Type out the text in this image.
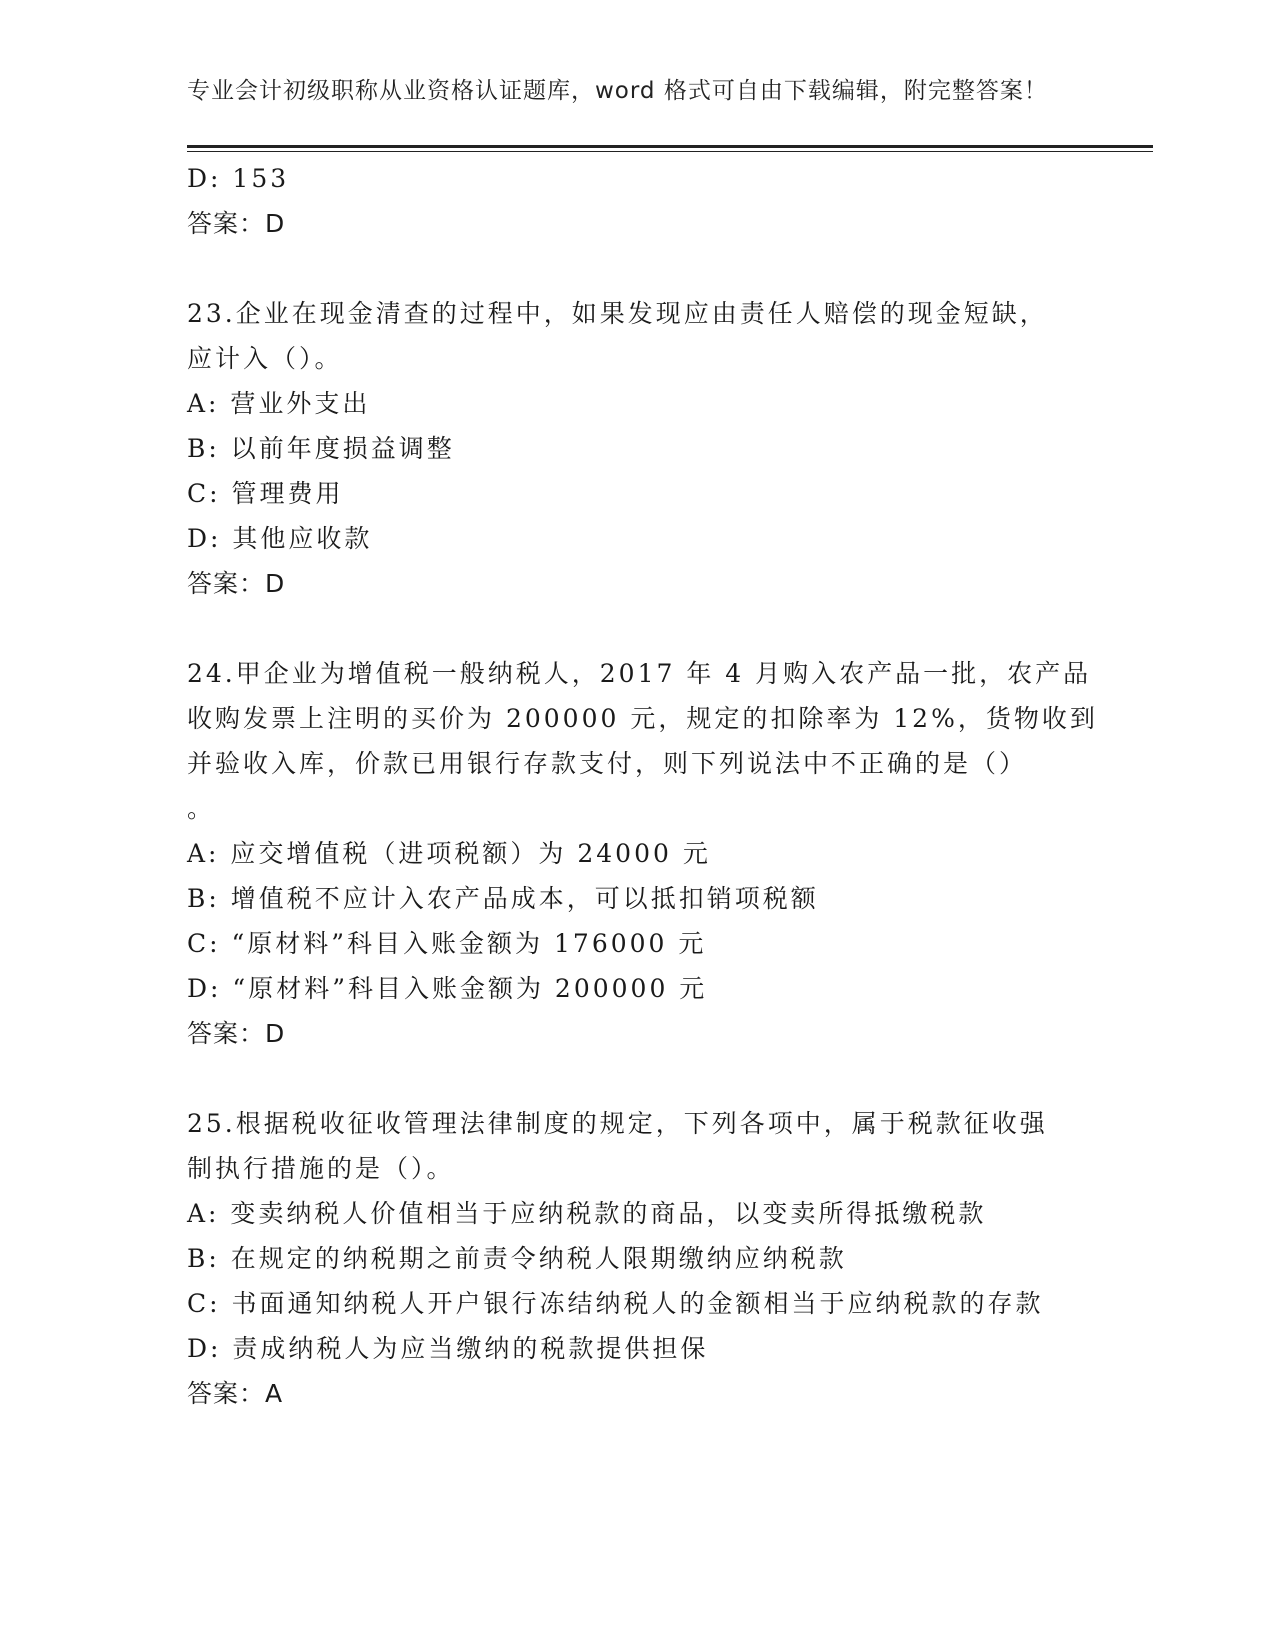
专业会计初级职称从业资格认证题库，word 格式可自由下载编辑，附完整答案！
D: 153
答案：D
23.企业在现金清查的过程中，如果发现应由责任人赔偿的现金短缺，
应计入（）。
A: 营业外支出
B: 以前年度损益调整
C: 管理费用
D: 其他应收款
答案：D
24.甲企业为增值税一般纳税人，2017 年 4 月购入农产品一批，农产品
收购发票上注明的买价为 200000 元，规定的扣除率为 12%，货物收到
并验收入库，价款已用银行存款支付，则下列说法中不正确的是（）
。
A: 应交增值税（进项税额）为 24000 元
B: 增值税不应计入农产品成本，可以抵扣销项税额
C: “原材料”科目入账金额为 176000 元
D: “原材料”科目入账金额为 200000 元
答案：D
25.根据税收征收管理法律制度的规定，下列各项中，属于税款征收强
制执行措施的是（）。
A: 变卖纳税人价值相当于应纳税款的商品，以变卖所得抵缴税款
B: 在规定的纳税期之前责令纳税人限期缴纳应纳税款
C: 书面通知纳税人开户银行冻结纳税人的金额相当于应纳税款的存款
D: 责成纳税人为应当缴纳的税款提供担保
答案：A
